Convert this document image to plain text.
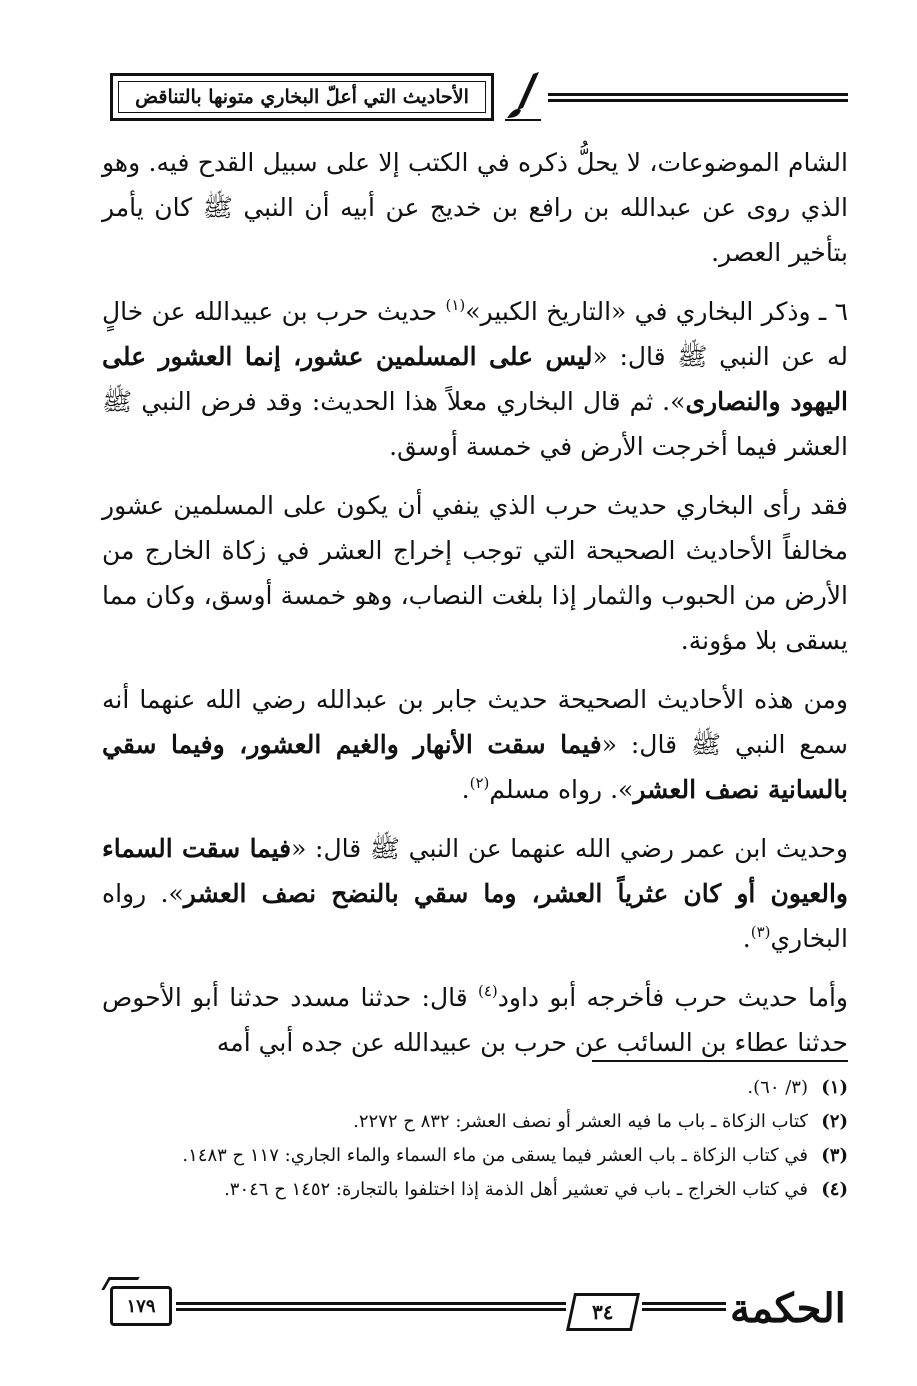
الأحاديث التي أعلّ البخاري متونها بالتناقض

الشام الموضوعات، لا يحلُّ ذكره في الكتب إلا على سبيل القدح فيه. وهو الذي روى عن عبدالله بن رافع بن خديج عن أبيه أن النبي ﷺ كان يأمر بتأخير العصر.

٦ ـ وذكر البخاري في «التاريخ الكبير»$^{(١)}$ حديث حرب بن عبيدالله عن خالٍ له عن النبي ﷺ قال: «ليس على المسلمين عشور، إنما العشور على اليهود والنصارى». ثم قال البخاري معلاً هذا الحديث: وقد فرض النبي ﷺ العشر فيما أخرجت الأرض في خمسة أوسق.

فقد رأى البخاري حديث حرب الذي ينفي أن يكون على المسلمين عشور مخالفاً الأحاديث الصحيحة التي توجب إخراج العشر في زكاة الخارج من الأرض من الحبوب والثمار إذا بلغت النصاب، وهو خمسة أوسق، وكان مما يسقى بلا مؤونة.

ومن هذه الأحاديث الصحيحة حديث جابر بن عبدالله رضي الله عنهما أنه سمع النبي ﷺ قال: «فيما سقت الأنهار والغيم العشور، وفيما سقي بالسانية نصف العشر». رواه مسلم$^{(٢)}$.

وحديث ابن عمر رضي الله عنهما عن النبي ﷺ قال: «فيما سقت السماء والعيون أو كان عثرياً العشر، وما سقي بالنضح نصف العشر». رواه البخاري$^{(٣)}$.

وأما حديث حرب فأخرجه أبو داود$^{(٤)}$ قال: حدثنا مسدد حدثنا أبو الأحوص حدثنا عطاء بن السائب عن حرب بن عبيدالله عن جده أبي أمه

(١)
(٣/ ٦٠).
(٢)
كتاب الزكاة ـ باب ما فيه العشر أو نصف العشر: ٨٣٢ ح ٢٢٧٢.
(٣)
في كتاب الزكاة ـ باب العشر فيما يسقى من ماء السماء والماء الجاري: ١١٧ ح ١٤٨٣.
(٤)
في كتاب الخراج ـ باب في تعشير أهل الذمة إذا اختلفوا بالتجارة: ١٤٥٢ ح ٣٠٤٦.
١٧٩	٣٤	الحكمة
